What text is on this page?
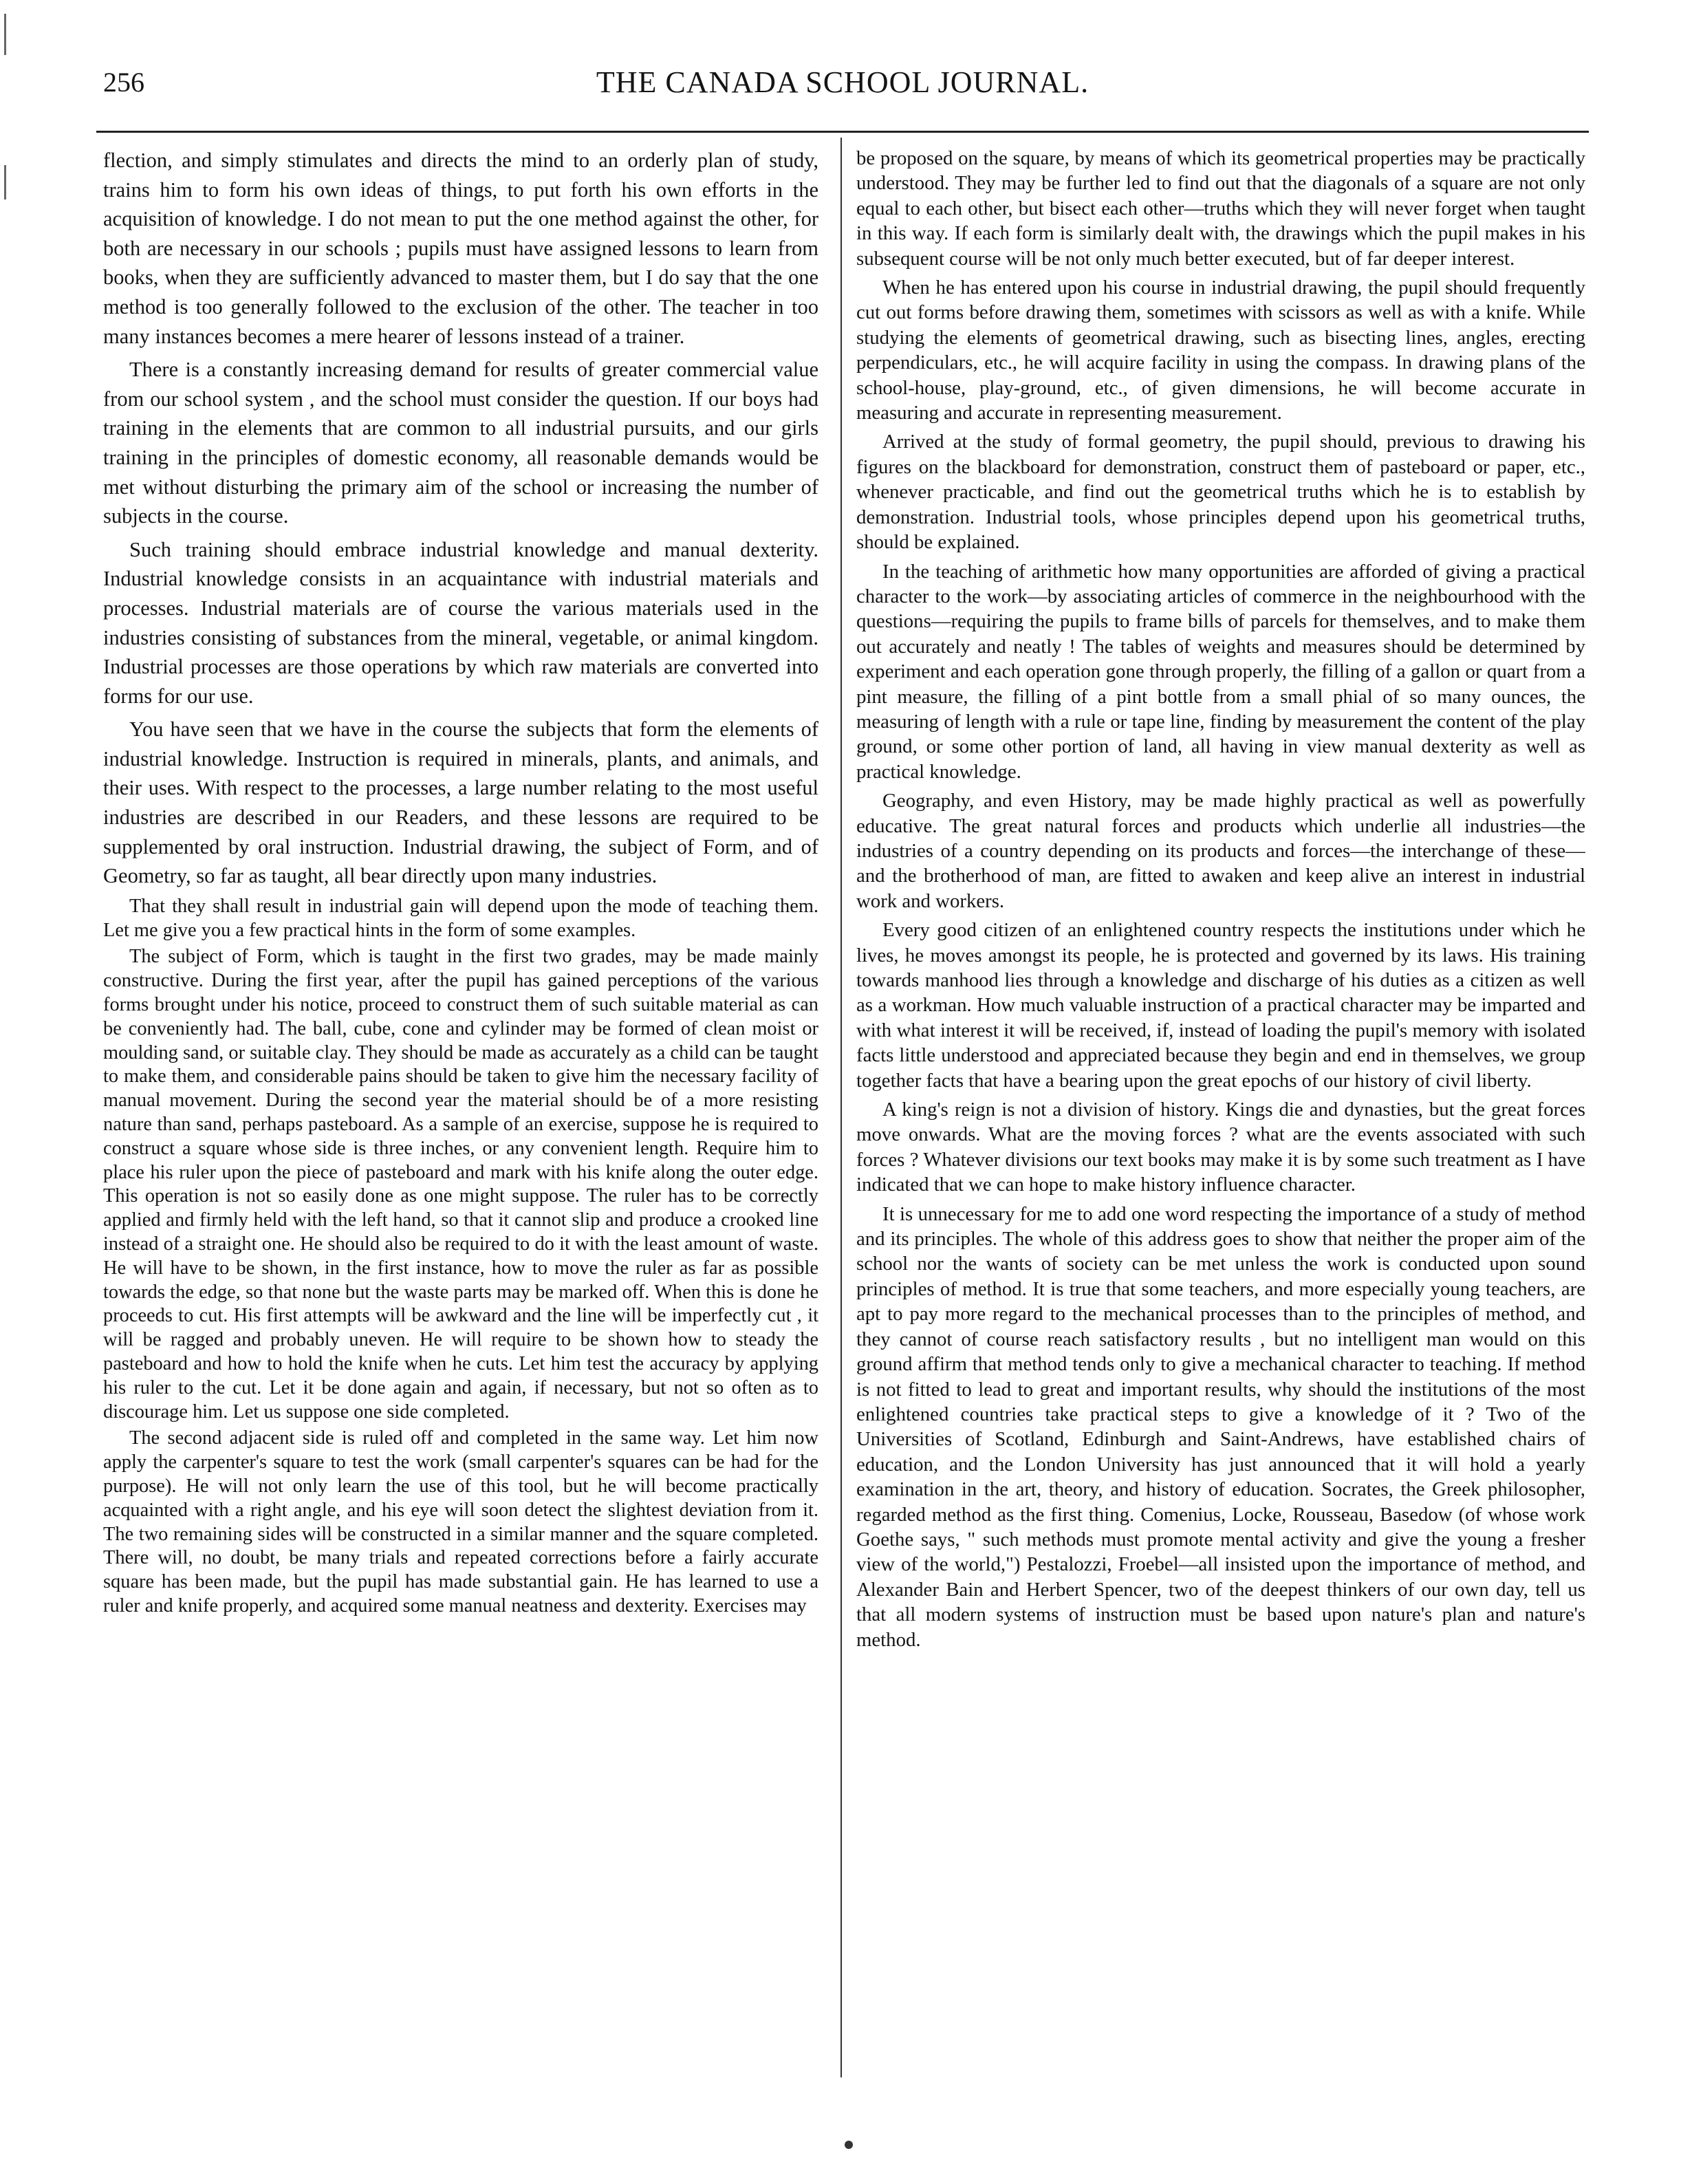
256	THE CANADA SCHOOL JOURNAL.

flection, and simply stimulates and directs the mind to an orderly plan of study, trains him to form his own ideas of things, to put forth his own efforts in the acquisition of knowledge. I do not mean to put the one method against the other, for both are necessary in our schools ; pupils must have assigned lessons to learn from books, when they are sufficiently advanced to master them, but I do say that the one method is too generally followed to the exclusion of the other. The teacher in too many instances becomes a mere hearer of lessons instead of a trainer.

There is a constantly increasing demand for results of greater commercial value from our school system , and the school must consider the question. If our boys had training in the elements that are common to all industrial pursuits, and our girls training in the principles of domestic economy, all reasonable demands would be met without disturbing the primary aim of the school or increasing the number of subjects in the course.

Such training should embrace industrial knowledge and manual dexterity. Industrial knowledge consists in an acquaintance with industrial materials and processes. Industrial materials are of course the various materials used in the industries consisting of substances from the mineral, vegetable, or animal kingdom. Industrial processes are those operations by which raw materials are converted into forms for our use.

You have seen that we have in the course the subjects that form the elements of industrial knowledge. Instruction is required in minerals, plants, and animals, and their uses. With respect to the processes, a large number relating to the most useful industries are described in our Readers, and these lessons are required to be supplemented by oral instruction. Industrial drawing, the subject of Form, and of Geometry, so far as taught, all bear directly upon many industries.

That they shall result in industrial gain will depend upon the mode of teaching them. Let me give you a few practical hints in the form of some examples.

The subject of Form, which is taught in the first two grades, may be made mainly constructive. During the first year, after the pupil has gained perceptions of the various forms brought under his notice, proceed to construct them of such suitable material as can be conveniently had. The ball, cube, cone and cylinder may be formed of clean moist or moulding sand, or suitable clay. They should be made as accurately as a child can be taught to make them, and considerable pains should be taken to give him the necessary facility of manual movement. During the second year the material should be of a more resisting nature than sand, perhaps pasteboard. As a sample of an exercise, suppose he is required to construct a square whose side is three inches, or any convenient length. Require him to place his ruler upon the piece of pasteboard and mark with his knife along the outer edge. This operation is not so easily done as one might suppose. The ruler has to be correctly applied and firmly held with the left hand, so that it cannot slip and produce a crooked line instead of a straight one. He should also be required to do it with the least amount of waste. He will have to be shown, in the first instance, how to move the ruler as far as possible towards the edge, so that none but the waste parts may be marked off. When this is done he proceeds to cut. His first attempts will be awkward and the line will be imperfectly cut , it will be ragged and probably uneven. He will require to be shown how to steady the pasteboard and how to hold the knife when he cuts. Let him test the accuracy by applying his ruler to the cut. Let it be done again and again, if necessary, but not so often as to discourage him. Let us suppose one side completed.

The second adjacent side is ruled off and completed in the same way. Let him now apply the carpenter's square to test the work (small carpenter's squares can be had for the purpose). He will not only learn the use of this tool, but he will become practically acquainted with a right angle, and his eye will soon detect the slightest deviation from it. The two remaining sides will be constructed in a similar manner and the square completed. There will, no doubt, be many trials and repeated corrections before a fairly accurate square has been made, but the pupil has made substantial gain. He has learned to use a ruler and knife properly, and acquired some manual neatness and dexterity. Exercises may

be proposed on the square, by means of which its geometrical properties may be practically understood. They may be further led to find out that the diagonals of a square are not only equal to each other, but bisect each other—truths which they will never forget when taught in this way. If each form is similarly dealt with, the drawings which the pupil makes in his subsequent course will be not only much better executed, but of far deeper interest.

When he has entered upon his course in industrial drawing, the pupil should frequently cut out forms before drawing them, sometimes with scissors as well as with a knife. While studying the elements of geometrical drawing, such as bisecting lines, angles, erecting perpendiculars, etc., he will acquire facility in using the compass. In drawing plans of the school-house, play-ground, etc., of given dimensions, he will become accurate in measuring and accurate in representing measurement.

Arrived at the study of formal geometry, the pupil should, previous to drawing his figures on the blackboard for demonstration, construct them of pasteboard or paper, etc., whenever practicable, and find out the geometrical truths which he is to establish by demonstration. Industrial tools, whose principles depend upon his geometrical truths, should be explained.

In the teaching of arithmetic how many opportunities are afforded of giving a practical character to the work—by associating articles of commerce in the neighbourhood with the questions—requiring the pupils to frame bills of parcels for themselves, and to make them out accurately and neatly ! The tables of weights and measures should be determined by experiment and each operation gone through properly, the filling of a gallon or quart from a pint measure, the filling of a pint bottle from a small phial of so many ounces, the measuring of length with a rule or tape line, finding by measurement the content of the play ground, or some other portion of land, all having in view manual dexterity as well as practical knowledge.

Geography, and even History, may be made highly practical as well as powerfully educative. The great natural forces and products which underlie all industries—the industries of a country depending on its products and forces—the interchange of these—and the brotherhood of man, are fitted to awaken and keep alive an interest in industrial work and workers.

Every good citizen of an enlightened country respects the institutions under which he lives, he moves amongst its people, he is protected and governed by its laws. His training towards manhood lies through a knowledge and discharge of his duties as a citizen as well as a workman. How much valuable instruction of a practical character may be imparted and with what interest it will be received, if, instead of loading the pupil's memory with isolated facts little understood and appreciated because they begin and end in themselves, we group together facts that have a bearing upon the great epochs of our history of civil liberty.

A king's reign is not a division of history. Kings die and dynasties, but the great forces move onwards. What are the moving forces ? what are the events associated with such forces ? Whatever divisions our text books may make it is by some such treatment as I have indicated that we can hope to make history influence character.

It is unnecessary for me to add one word respecting the importance of a study of method and its principles. The whole of this address goes to show that neither the proper aim of the school nor the wants of society can be met unless the work is conducted upon sound principles of method. It is true that some teachers, and more especially young teachers, are apt to pay more regard to the mechanical processes than to the principles of method, and they cannot of course reach satisfactory results , but no intelligent man would on this ground affirm that method tends only to give a mechanical character to teaching. If method is not fitted to lead to great and important results, why should the institutions of the most enlightened countries take practical steps to give a knowledge of it ? Two of the Universities of Scotland, Edinburgh and Saint-Andrews, have established chairs of education, and the London University has just announced that it will hold a yearly examination in the art, theory, and history of education. Socrates, the Greek philosopher, regarded method as the first thing. Comenius, Locke, Rousseau, Basedow (of whose work Goethe says, " such methods must promote mental activity and give the young a fresher view of the world,") Pestalozzi, Froebel—all insisted upon the importance of method, and Alexander Bain and Herbert Spencer, two of the deepest thinkers of our own day, tell us that all modern systems of instruction must be based upon nature's plan and nature's method.
